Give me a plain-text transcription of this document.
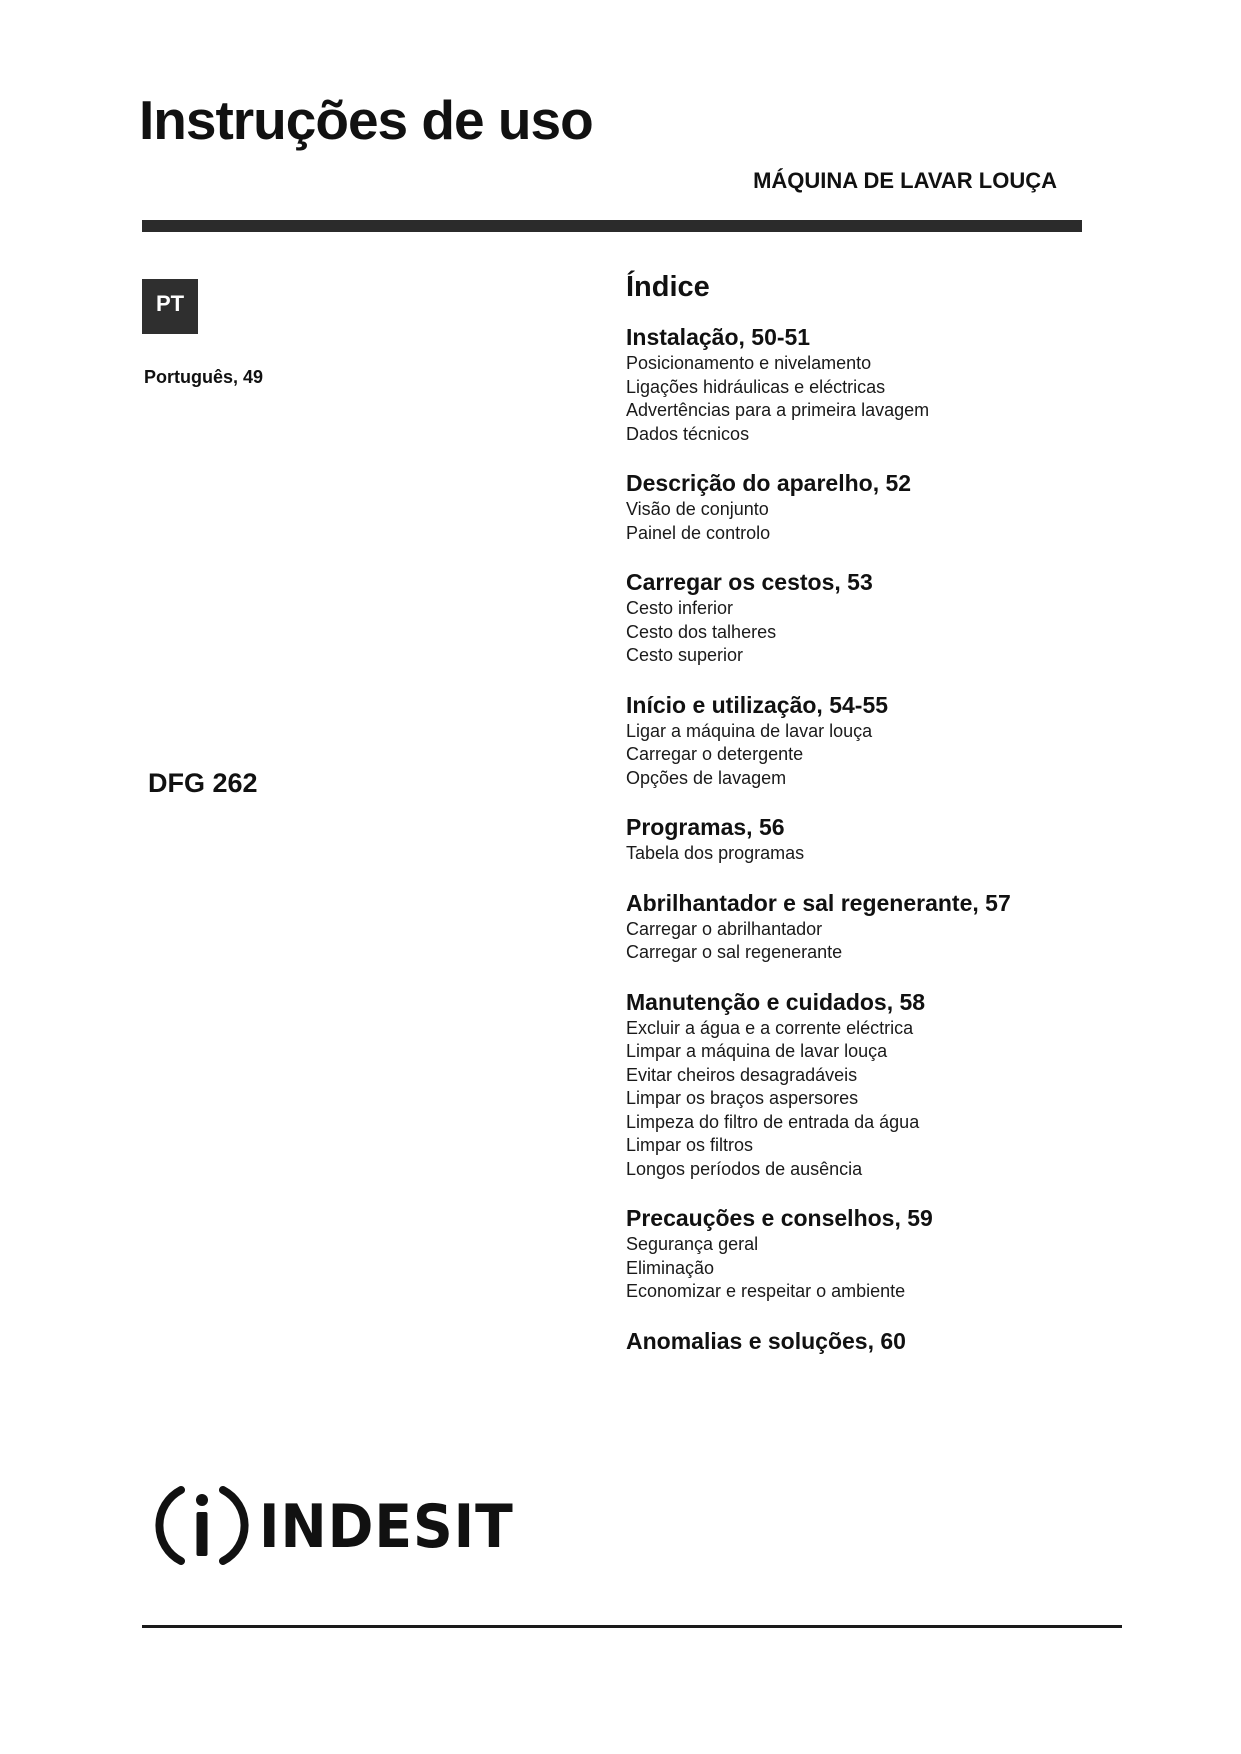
Instruções de uso
MÁQUINA DE LAVAR LOUÇA
PT
Português, 49
DFG 262
Índice
Instalação, 50-51
Posicionamento e nivelamento
Ligações hidráulicas e eléctricas
Advertências para a primeira lavagem
Dados técnicos
Descrição do aparelho, 52
Visão de conjunto
Painel de controlo
Carregar os cestos, 53
Cesto inferior
Cesto dos talheres
Cesto superior
Início e utilização, 54-55
Ligar a máquina de lavar louça
Carregar o detergente
Opções de lavagem
Programas, 56
Tabela dos programas
Abrilhantador e sal regenerante, 57
Carregar o abrilhantador
Carregar o sal regenerante
Manutenção e cuidados, 58
Excluir a água e a corrente eléctrica
Limpar a máquina de lavar louça
Evitar cheiros desagradáveis
Limpar os braços aspersores
Limpeza do filtro de entrada da água
Limpar os filtros
Longos períodos de ausência
Precauções e conselhos, 59
Segurança geral
Eliminação
Economizar e respeitar o ambiente
Anomalias e soluções, 60
INDESIT
